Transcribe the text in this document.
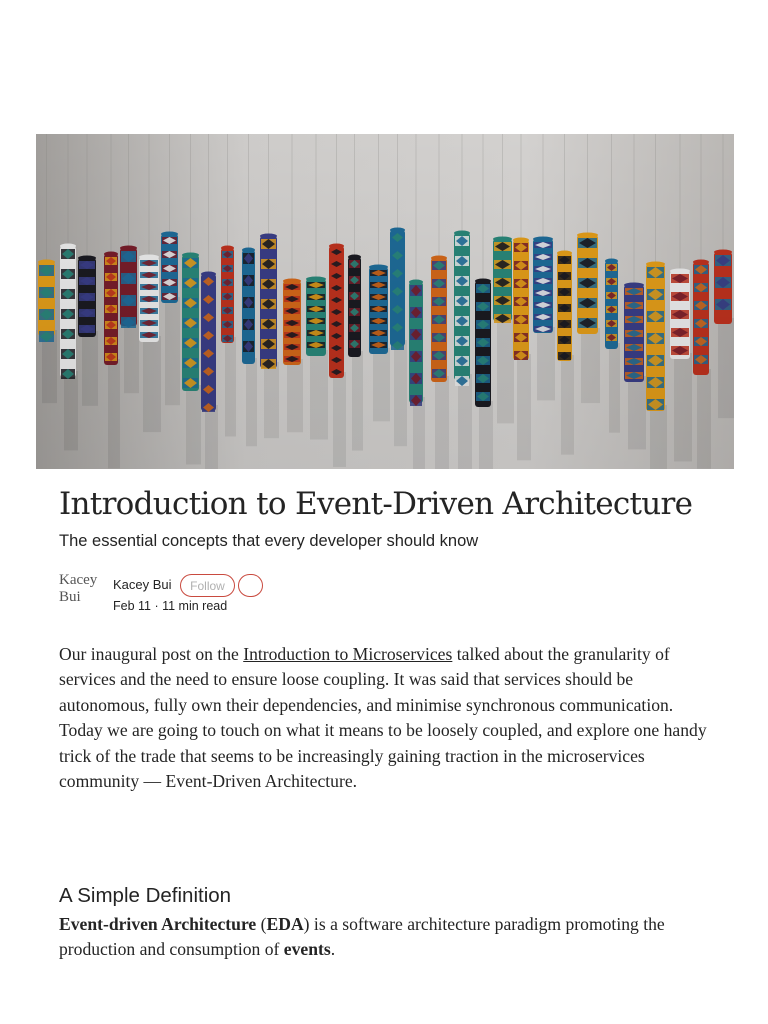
Introduction to Event-Driven Architecture

The essential concepts that every developer should know

Kacey Bui
Kacey Bui	Follow
Feb 11 · 11 min read

Our inaugural post on the Introduction to Microservices talked about the granularity of services and the need to ensure loose coupling. It was said that services should be autonomous, fully own their dependencies, and minimise synchronous communication. Today we are going to touch on what it means to be loosely coupled, and explore one handy trick of the trade that seems to be increasingly gaining traction in the microservices community — Event-Driven Architecture.

A Simple Definition

Event-driven Architecture (EDA) is a software architecture paradigm promoting the production and consumption of events.
